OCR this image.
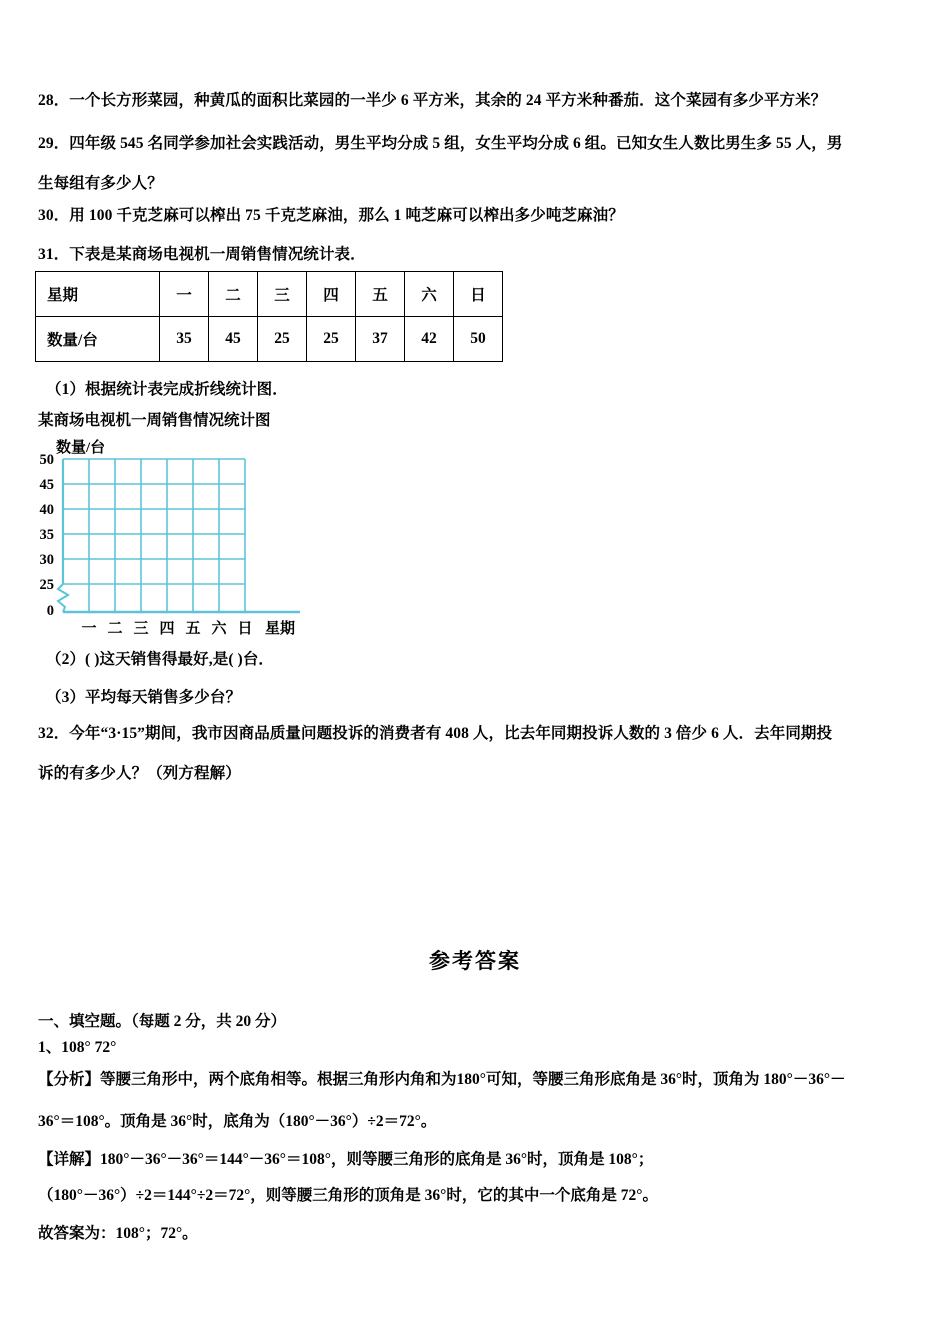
28．一个长方形菜园，种黄瓜的面积比菜园的一半少 6 平方米，其余的 24 平方米种番茄．这个菜园有多少平方米？
29．四年级 545 名同学参加社会实践活动，男生平均分成 5 组，女生平均分成 6 组。已知女生人数比男生多 55 人，男
生每组有多少人？
30．用 100 千克芝麻可以榨出 75 千克芝麻油，那么 1 吨芝麻可以榨出多少吨芝麻油？
31．下表是某商场电视机一周销售情况统计表．
星期	一	二	三	四	五	六	日
数量/台	35	45	25	25	37	42	50
（1）根据统计表完成折线统计图．
某商场电视机一周销售情况统计图
数量/台
50
45
40
35
30
25
0
一 二 三 四 五 六 日 星期
（2）( )这天销售得最好,是( )台．
（3）平均每天销售多少台？
32．今年“3·15”期间，我市因商品质量问题投诉的消费者有 408 人，比去年同期投诉人数的 3 倍少 6 人．去年同期投
诉的有多少人？（列方程解）
参考答案
一、填空题。（每题 2 分，共 20 分）
1、108° 72°
【分析】等腰三角形中，两个底角相等。根据三角形内角和为180°可知，等腰三角形底角是 36°时，顶角为 180°－36°－
36°＝108°。顶角是 36°时，底角为（180°－36°）÷2＝72°。
【详解】180°－36°－36°＝144°－36°＝108°，则等腰三角形的底角是 36°时，顶角是 108°；
（180°－36°）÷2＝144°÷2＝72°，则等腰三角形的顶角是 36°时，它的其中一个底角是 72°。
故答案为：108°；72°。
